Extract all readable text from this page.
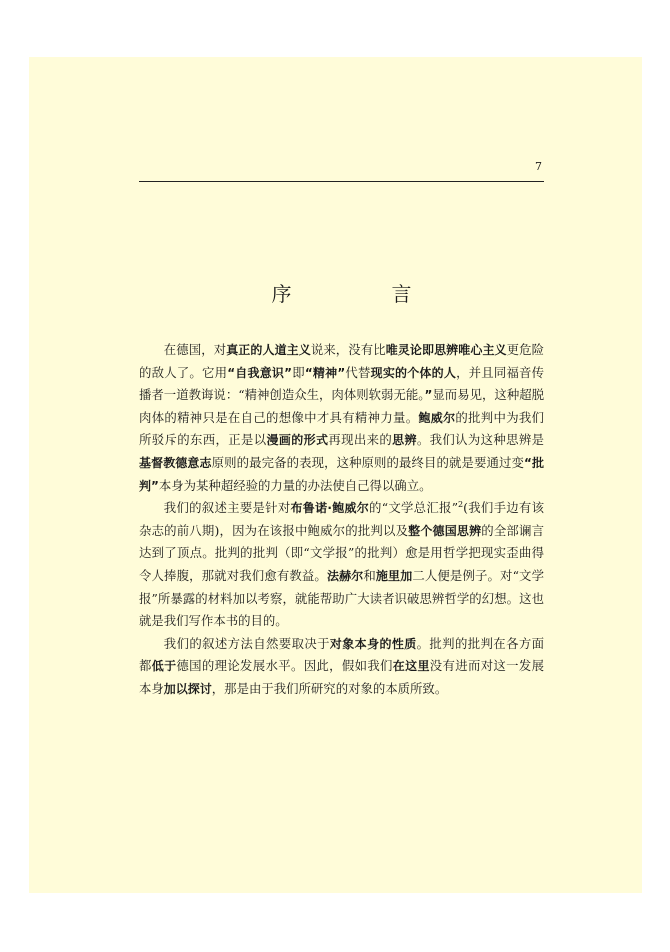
7
序　言

在德国，对真正的人道主义说来，没有比唯灵论即思辨唯心主义更危险的敌人了。它用“自我意识”即“精神”代替现实的个体的人，并且同福音传播者一道教诲说：“精神创造众生，肉体则软弱无能。”显而易见，这种超脱肉体的精神只是在自己的想像中才具有精神力量。鲍威尔的批判中为我们所驳斥的东西，正是以漫画的形式再现出来的思辨。我们认为这种思辨是基督教德意志原则的最完备的表现，这种原则的最终目的就是要通过变“批判”本身为某种超经验的力量的办法使自己得以确立。

我们的叙述主要是针对布鲁诺·鲍威尔的“文学总汇报”$^2$(我们手边有该杂志的前八期)，因为在该报中鲍威尔的批判以及整个德国思辨的全部谰言达到了顶点。批判的批判（即“文学报”的批判）愈是用哲学把现实歪曲得令人捧腹，那就对我们愈有教益。法赫尔和施里加二人便是例子。对“文学报”所暴露的材料加以考察，就能帮助广大读者识破思辨哲学的幻想。这也就是我们写作本书的目的。

我们的叙述方法自然要取决于对象本身的性质。批判的批判在各方面都低于德国的理论发展水平。因此，假如我们在这里没有进而对这一发展本身加以探讨，那是由于我们所研究的对象的本质所致。
